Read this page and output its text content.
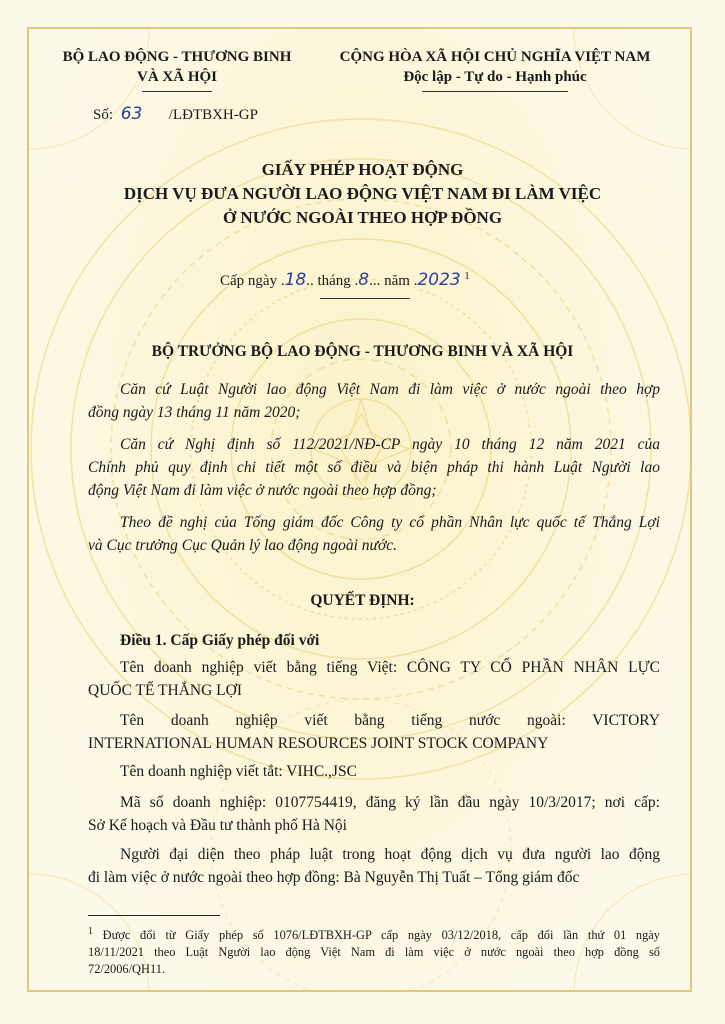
BỘ LAO ĐỘNG - THƯƠNG BINH
VÀ XÃ HỘI
CỘNG HÒA XÃ HỘI CHỦ NGHĨA VIỆT NAM
Độc lập - Tự do - Hạnh phúc
Số: 63 /LĐTBXH-GP
GIẤY PHÉP HOẠT ĐỘNG
DỊCH VỤ ĐƯA NGƯỜI LAO ĐỘNG VIỆT NAM ĐI LÀM VIỆC
Ở NƯỚC NGOÀI THEO HỢP ĐỒNG
Cấp ngày .18.. tháng .8... năm .2023 $^1$
BỘ TRƯỞNG BỘ LAO ĐỘNG - THƯƠNG BINH VÀ XÃ HỘI
Căn cứ Luật Người lao động Việt Nam đi làm việc ở nước ngoài theo hợp
đồng ngày 13 tháng 11 năm 2020;
Căn cứ Nghị định số 112/2021/NĐ-CP ngày 10 tháng 12 năm 2021 của
Chính phủ quy định chi tiết một số điều và biện pháp thi hành Luật Người lao
động Việt Nam đi làm việc ở nước ngoài theo hợp đồng;
Theo đề nghị của Tổng giám đốc Công ty cổ phần Nhân lực quốc tế Thắng Lợi
và Cục trưởng Cục Quản lý lao động ngoài nước.
QUYẾT ĐỊNH:
Điều 1. Cấp Giấy phép đối với
Tên doanh nghiệp viết bằng tiếng Việt: CÔNG TY CỔ PHẦN NHÂN LỰC
QUỐC TẾ THẮNG LỢI
Tên doanh nghiệp viết bằng tiếng nước ngoài: VICTORY
INTERNATIONAL HUMAN RESOURCES JOINT STOCK COMPANY
Tên doanh nghiệp viết tắt: VIHC.,JSC
Mã số doanh nghiệp: 0107754419, đăng ký lần đầu ngày 10/3/2017; nơi cấp:
Sở Kế hoạch và Đầu tư thành phố Hà Nội
Người đại diện theo pháp luật trong hoạt động dịch vụ đưa người lao động
đi làm việc ở nước ngoài theo hợp đồng: Bà Nguyễn Thị Tuất – Tổng giám đốc
$^1$ Được đổi từ Giấy phép số 1076/LĐTBXH-GP cấp ngày 03/12/2018, cấp đổi lần thứ 01 ngày
18/11/2021 theo Luật Người lao động Việt Nam đi làm việc ở nước ngoài theo hợp đồng số
72/2006/QH11.
